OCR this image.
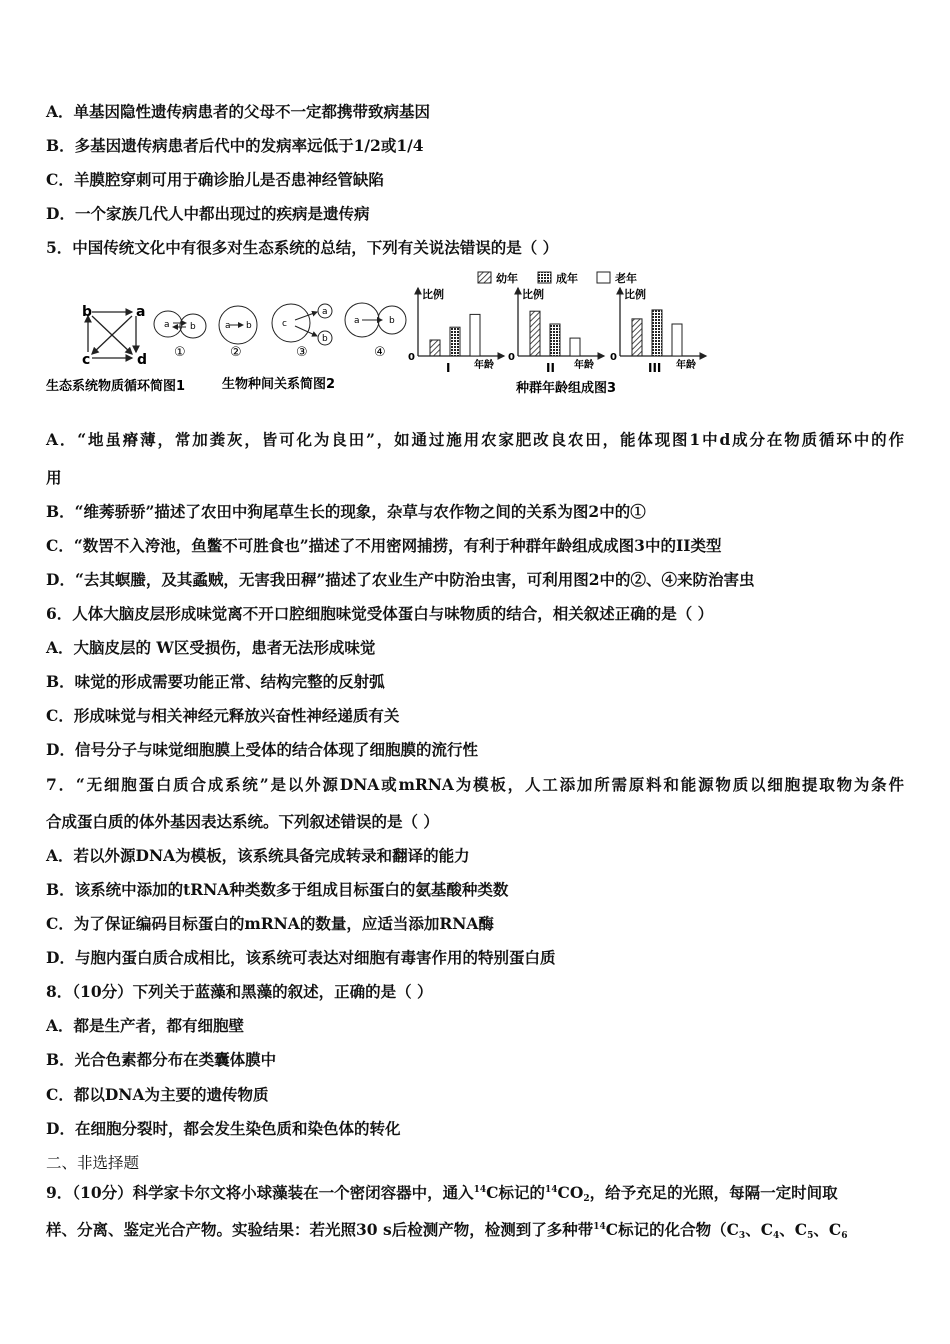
A．单基因隐性遗传病患者的父母不一定都携带致病基因
B．多基因遗传病患者后代中的发病率远低于1/2或1/4
C．羊膜腔穿刺可用于确诊胎儿是否患神经管缺陷
D．一个家族几代人中都出现过的疾病是遗传病
5．中国传统文化中有很多对生态系统的总结，下列有关说法错误的是（ ）
b	a
c	d
a b
①
a b
②
c
a
b
③
a	b
④
幼年	成年	老年
比例
年龄
0
I
比例
年龄
0
II
比例
年龄
0
III
生态系统物质循环简图1	生物种间关系简图2	种群年龄组成图3
A．“地虽瘠薄，常加粪灰，皆可化为良田”，如通过施用农家肥改良农田，能体现图1中d成分在物质循环中的作
用
B．“维莠骄骄”描述了农田中狗尾草生长的现象，杂草与农作物之间的关系为图2中的①
C．“数罟不入洿池，鱼鳖不可胜食也”描述了不用密网捕捞，有利于种群年龄组成成图3中的II类型
D．“去其螟螣，及其蟊贼，无害我田稺”描述了农业生产中防治虫害，可利用图2中的②、④来防治害虫
6．人体大脑皮层形成味觉离不开口腔细胞味觉受体蛋白与味物质的结合，相关叙述正确的是（ ）
A．大脑皮层的 W区受损伤，患者无法形成味觉
B．味觉的形成需要功能正常、结构完整的反射弧
C．形成味觉与相关神经元释放兴奋性神经递质有关
D．信号分子与味觉细胞膜上受体的结合体现了细胞膜的流行性
7．“无细胞蛋白质合成系统”是以外源DNA或mRNA为模板，人工添加所需原料和能源物质以细胞提取物为条件
合成蛋白质的体外基因表达系统。下列叙述错误的是（ ）
A．若以外源DNA为模板，该系统具备完成转录和翻译的能力
B．该系统中添加的tRNA种类数多于组成目标蛋白的氨基酸种类数
C．为了保证编码目标蛋白的mRNA的数量，应适当添加RNA酶
D．与胞内蛋白质合成相比，该系统可表达对细胞有毒害作用的特别蛋白质
8．（10分）下列关于蓝藻和黑藻的叙述，正确的是（ ）
A．都是生产者，都有细胞壁
B．光合色素都分布在类囊体膜中
C．都以DNA为主要的遗传物质
D．在细胞分裂时，都会发生染色质和染色体的转化
二、非选择题
9．（10分）科学家卡尔文将小球藻装在一个密闭容器中，通入$^{14}$C标记的$^{14}CO_2$，给予充足的光照，每隔一定时间取
样、分离、鉴定光合产物。实验结果：若光照30 s后检测产物，检测到了多种带$^{14}$C标记的化合物（$C_3$、$C_4$、$C_5$、$C_6$
